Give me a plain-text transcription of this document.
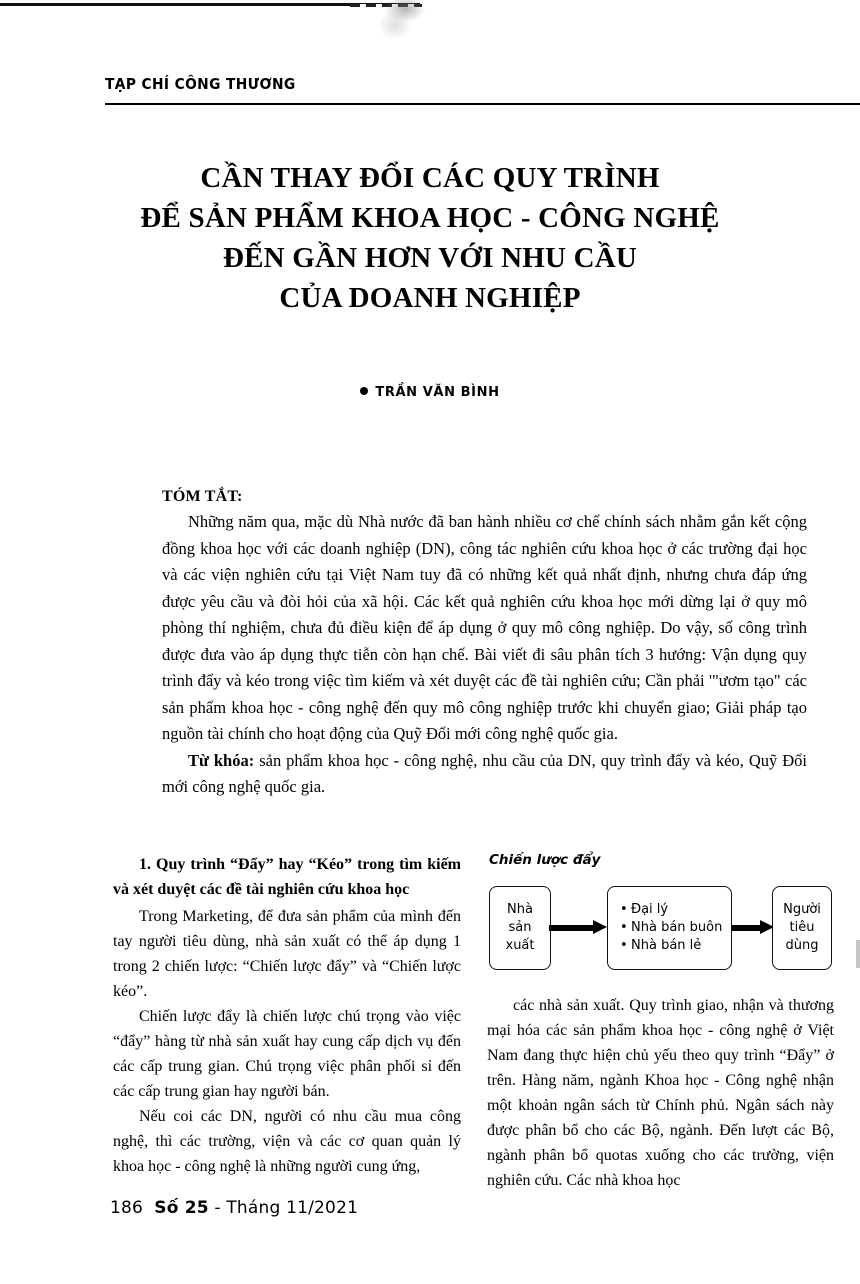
TẠP CHÍ CÔNG THƯƠNG
CẦN THAY ĐỔI CÁC QUY TRÌNH
ĐỂ SẢN PHẨM KHOA HỌC - CÔNG NGHỆ
ĐẾN GẦN HƠN VỚI NHU CẦU
CỦA DOANH NGHIỆP
TRẦN VĂN BÌNH
TÓM TẮT:

Những năm qua, mặc dù Nhà nước đã ban hành nhiều cơ chế chính sách nhằm gắn kết cộng đồng khoa học với các doanh nghiệp (DN), công tác nghiên cứu khoa học ở các trường đại học và các viện nghiên cứu tại Việt Nam tuy đã có những kết quả nhất định, nhưng chưa đáp ứng được yêu cầu và đòi hỏi của xã hội. Các kết quả nghiên cứu khoa học mới dừng lại ở quy mô phòng thí nghiệm, chưa đủ điều kiện để áp dụng ở quy mô công nghiệp. Do vậy, số công trình được đưa vào áp dụng thực tiễn còn hạn chế. Bài viết đi sâu phân tích 3 hướng: Vận dụng quy trình đẩy và kéo trong việc tìm kiếm và xét duyệt các đề tài nghiên cứu; Cần phải '"ươm tạo" các sản phẩm khoa học - công nghệ đến quy mô công nghiệp trước khi chuyển giao; Giải pháp tạo nguồn tài chính cho hoạt động của Quỹ Đổi mới công nghệ quốc gia.

Từ khóa: sản phẩm khoa học - công nghệ, nhu cầu của DN, quy trình đẩy và kéo, Quỹ Đổi mới công nghệ quốc gia.

1. Quy trình “Đẩy” hay “Kéo” trong tìm kiếm và xét duyệt các đề tài nghiên cứu khoa học

Trong Marketing, để đưa sản phẩm của mình đến tay người tiêu dùng, nhà sản xuất có thể áp dụng 1 trong 2 chiến lược: “Chiến lược đẩy” và “Chiến lược kéo”.

Chiến lược đẩy là chiến lược chú trọng vào việc “đẩy” hàng từ nhà sản xuất hay cung cấp dịch vụ đến các cấp trung gian. Chú trọng việc phân phối sỉ đến các cấp trung gian hay người bán.

Nếu coi các DN, người có nhu cầu mua công nghệ, thì các trường, viện và các cơ quan quản lý khoa học - công nghệ là những người cung ứng,

Chiến lược đẩy
Nhà
sản
xuất
• Đại lý
• Nhà bán buôn
• Nhà bán lẻ
Người
tiêu
dùng

các nhà sản xuất. Quy trình giao, nhận và thương mại hóa các sản phẩm khoa học - công nghệ ở Việt Nam đang thực hiện chủ yếu theo quy trình “Đẩy” ở trên. Hàng năm, ngành Khoa học - Công nghệ nhận một khoản ngân sách từ Chính phủ. Ngân sách này được phân bổ cho các Bộ, ngành. Đến lượt các Bộ, ngành phân bổ quotas xuống cho các trường, viện nghiên cứu. Các nhà khoa học

186 Số 25 - Tháng 11/2021
